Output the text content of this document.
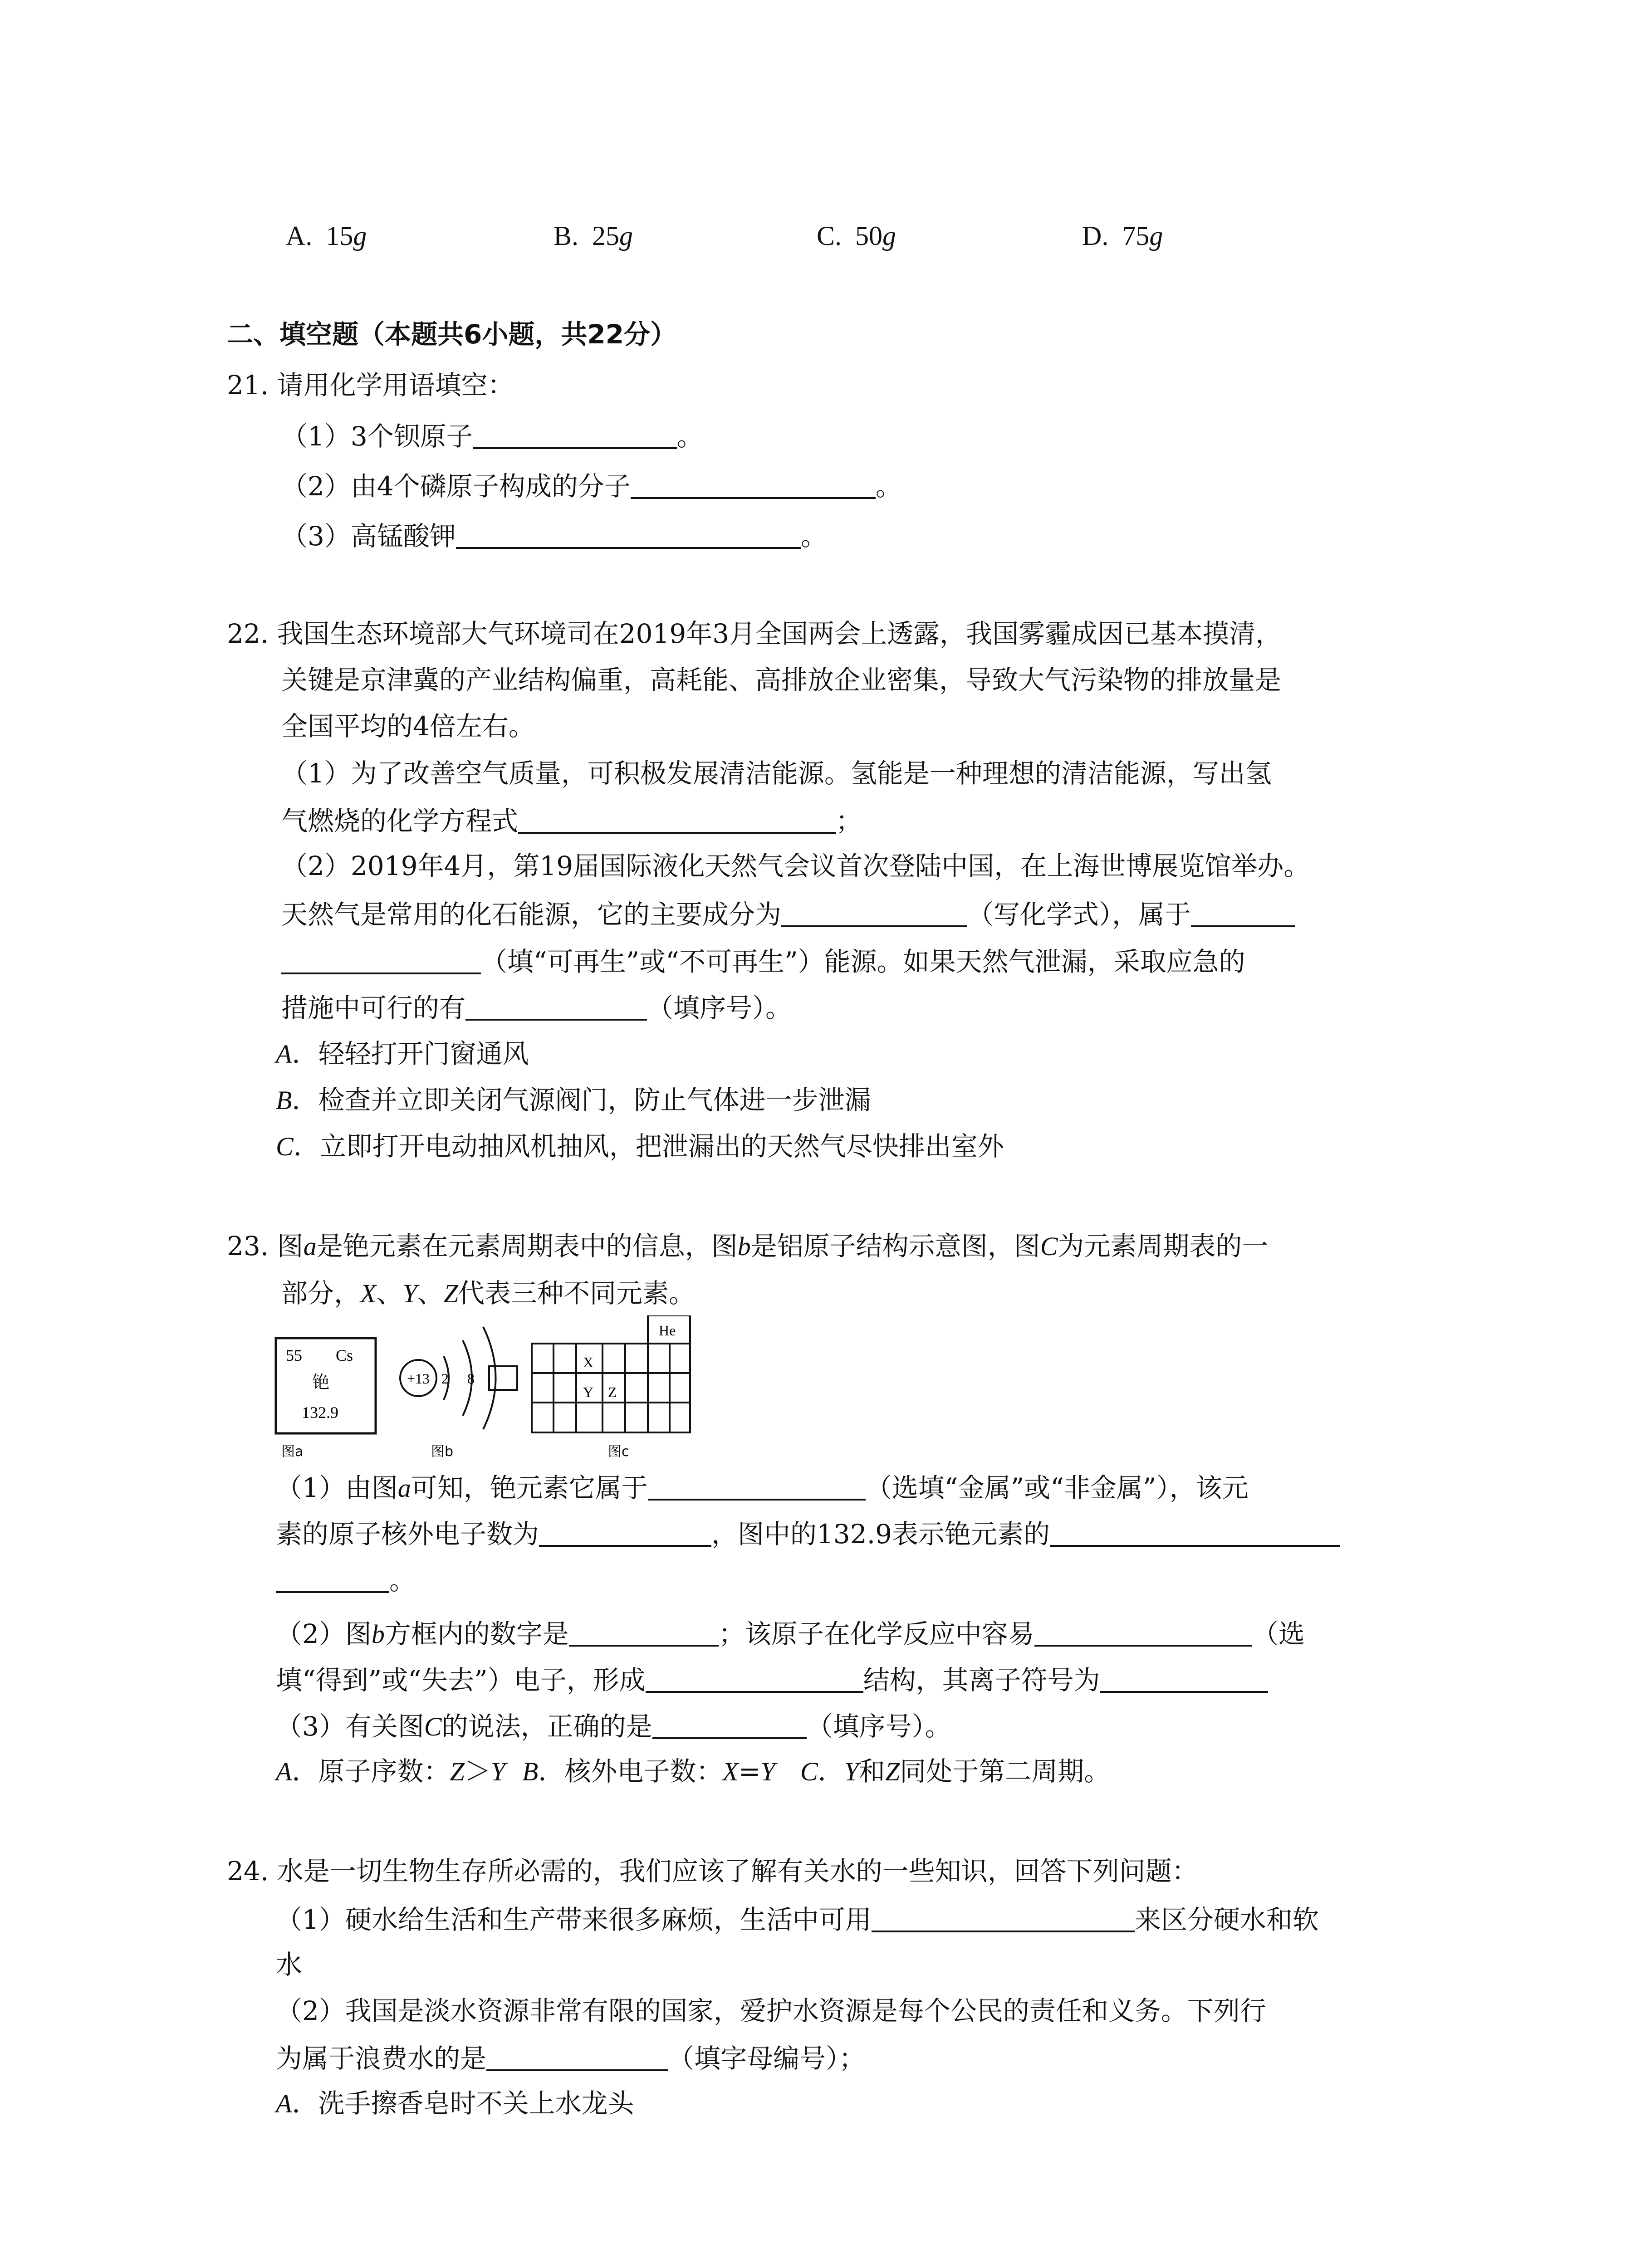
A. 15g	B. 25g	C. 50g	D. 75g
二、填空题（本题共6小题，共22分）
21. 请用化学用语填空：
（1）3个钡原子	。
（2）由4个磷原子构成的分子	。
（3）高锰酸钾	。
22. 我国生态环境部大气环境司在2019年3月全国两会上透露，我国雾霾成因已基本摸清，
关键是京津冀的产业结构偏重，高耗能、高排放企业密集，导致大气污染物的排放量是
全国平均的4倍左右。
（1）为了改善空气质量，可积极发展清洁能源。氢能是一种理想的清洁能源，写出氢
气燃烧的化学方程式	；
（2）2019年4月，第19届国际液化天然气会议首次登陆中国，在上海世博展览馆举办。
天然气是常用的化石能源，它的主要成分为	（写化学式），属于
（填“可再生”或“不可再生”）能源。如果天然气泄漏，采取应急的
措施中可行的有	（填序号）。
A．轻轻打开门窗通风
B．检查并立即关闭气源阀门，防止气体进一步泄漏
C．立即打开电动抽风机抽风，把泄漏出的天然气尽快排出室外
23. 图a是铯元素在元素周期表中的信息，图b是铝原子结构示意图，图C为元素周期表的一
部分，X、Y、Z代表三种不同元素。
55 Cs
铯
132.9
图a
+13 2 8
图b
He
X
Y Z
图c
（1）由图a可知，铯元素它属于	（选填“金属”或“非金属”），该元
素的原子核外电子数为	，图中的132.9表示铯元素的
。
（2）图b方框内的数字是	；该原子在化学反应中容易	（选
填“得到”或“失去”）电子，形成	结构，其离子符号为
（3）有关图C的说法，正确的是	（填序号）。
A．原子序数：Z＞Y B．核外电子数：X=Y C．Y和Z同处于第二周期。
24. 水是一切生物生存所必需的，我们应该了解有关水的一些知识，回答下列问题：
（1）硬水给生活和生产带来很多麻烦，生活中可用	来区分硬水和软
水
（2）我国是淡水资源非常有限的国家，爱护水资源是每个公民的责任和义务。下列行
为属于浪费水的是	（填字母编号）；
A．洗手擦香皂时不关上水龙头
